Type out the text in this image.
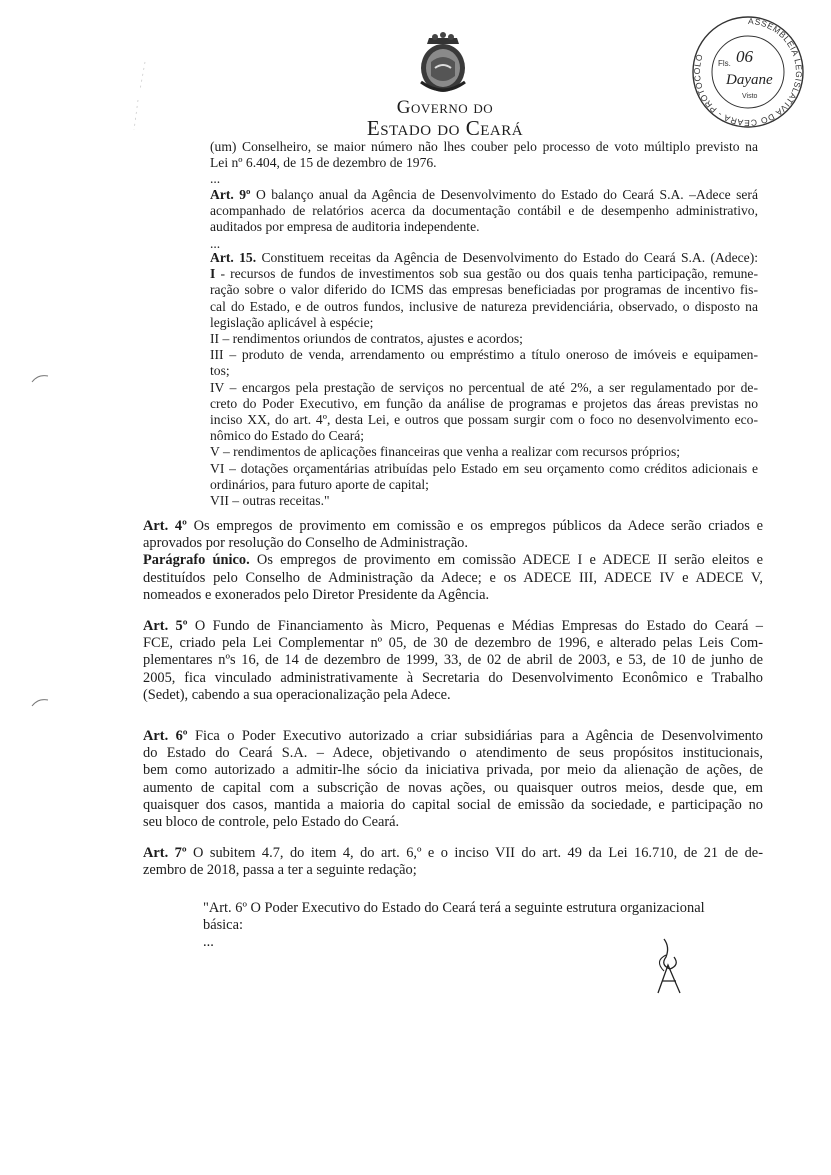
Governo do
Estado do Ceará
ASSEMBLÉIA LEGISLATIVA DO CEARÁ - PROTOCOLO
Fls. 06
Dayane
Visto
(um) Conselheiro, se maior número não lhes couber pelo processo de voto múltiplo previsto na
Lei nº 6.404, de 15 de dezembro de 1976.
...
Art. 9º O balanço anual da Agência de Desenvolvimento do Estado do Ceará S.A. –Adece será
acompanhado de relatórios acerca da documentação contábil e de desempenho administrativo,
auditados por empresa de auditoria independente.
...
Art. 15. Constituem receitas da Agência de Desenvolvimento do Estado do Ceará S.A. (Adece):
I - recursos de fundos de investimentos sob sua gestão ou dos quais tenha participação, remune-
ração sobre o valor diferido do ICMS das empresas beneficiadas por programas de incentivo fis-
cal do Estado, e de outros fundos, inclusive de natureza previdenciária, observado, o disposto na
legislação aplicável à espécie;
II – rendimentos oriundos de contratos, ajustes e acordos;
III – produto de venda, arrendamento ou empréstimo a título oneroso de imóveis e equipamen-
tos;
IV – encargos pela prestação de serviços no percentual de até 2%, a ser regulamentado por de-
creto do Poder Executivo, em função da análise de programas e projetos das áreas previstas no
inciso XX, do art. 4º, desta Lei, e outros que possam surgir com o foco no desenvolvimento eco-
nômico do Estado do Ceará;
V – rendimentos de aplicações financeiras que venha a realizar com recursos próprios;
VI – dotações orçamentárias atribuídas pelo Estado em seu orçamento como créditos adicionais e
ordinários, para futuro aporte de capital;
VII – outras receitas."
Art. 4º Os empregos de provimento em comissão e os empregos públicos da Adece serão criados e
aprovados por resolução do Conselho de Administração.
Parágrafo único. Os empregos de provimento em comissão ADECE I e ADECE II serão eleitos e
destituídos pelo Conselho de Administração da Adece; e os ADECE III, ADECE IV e ADECE V,
nomeados e exonerados pelo Diretor Presidente da Agência.
Art. 5º O Fundo de Financiamento às Micro, Pequenas e Médias Empresas do Estado do Ceará –
FCE, criado pela Lei Complementar nº 05, de 30 de dezembro de 1996, e alterado pelas Leis Com-
plementares nºs 16, de 14 de dezembro de 1999, 33, de 02 de abril de 2003, e 53, de 10 de junho de
2005, fica vinculado administrativamente à Secretaria do Desenvolvimento Econômico e Trabalho
(Sedet), cabendo a sua operacionalização pela Adece.
Art. 6º Fica o Poder Executivo autorizado a criar subsidiárias para a Agência de Desenvolvimento
do Estado do Ceará S.A. – Adece, objetivando o atendimento de seus propósitos institucionais,
bem como autorizado a admitir-lhe sócio da iniciativa privada, por meio da alienação de ações, de
aumento de capital com a subscrição de novas ações, ou quaisquer outros meios, desde que, em
quaisquer dos casos, mantida a maioria do capital social de emissão da sociedade, e participação no
seu bloco de controle, pelo Estado do Ceará.
Art. 7º O subitem 4.7, do item 4, do art. 6,º e o inciso VII do art. 49 da Lei 16.710, de 21 de de-
zembro de 2018, passa a ter a seguinte redação;
"Art. 6º O Poder Executivo do Estado do Ceará terá a seguinte estrutura organizacional
básica:
...
